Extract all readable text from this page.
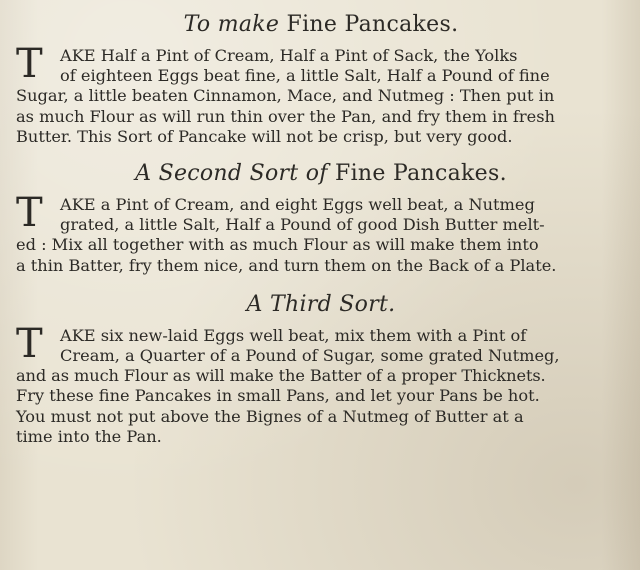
To make Fine Pancakes.
T AKE Half a Pint of Cream, Half a Pint of Sack, the Yolks
of eighteen Eggs beat fine, a little Salt, Half a Pound of fine
Sugar, a little beaten Cinnamon, Mace, and Nutmeg : Then put in
as much Flour as will run thin over the Pan, and fry them in fresh
Butter. This Sort of Pancake will not be crisp, but very good.
A Second Sort of Fine Pancakes.
T AKE a Pint of Cream, and eight Eggs well beat, a Nutmeg
grated, a little Salt, Half a Pound of good Dish Butter melt-
ed : Mix all together with as much Flour as will make them into
a thin Batter, fry them nice, and turn them on the Back of a Plate.
A Third Sort.
T AKE six new-laid Eggs well beat, mix them with a Pint of
Cream, a Quarter of a Pound of Sugar, some grated Nutmeg,
and as much Flour as will make the Batter of a proper Thicknets.
Fry these fine Pancakes in small Pans, and let your Pans be hot.
You must not put above the Bignes of a Nutmeg of Butter at a
time into the Pan.
